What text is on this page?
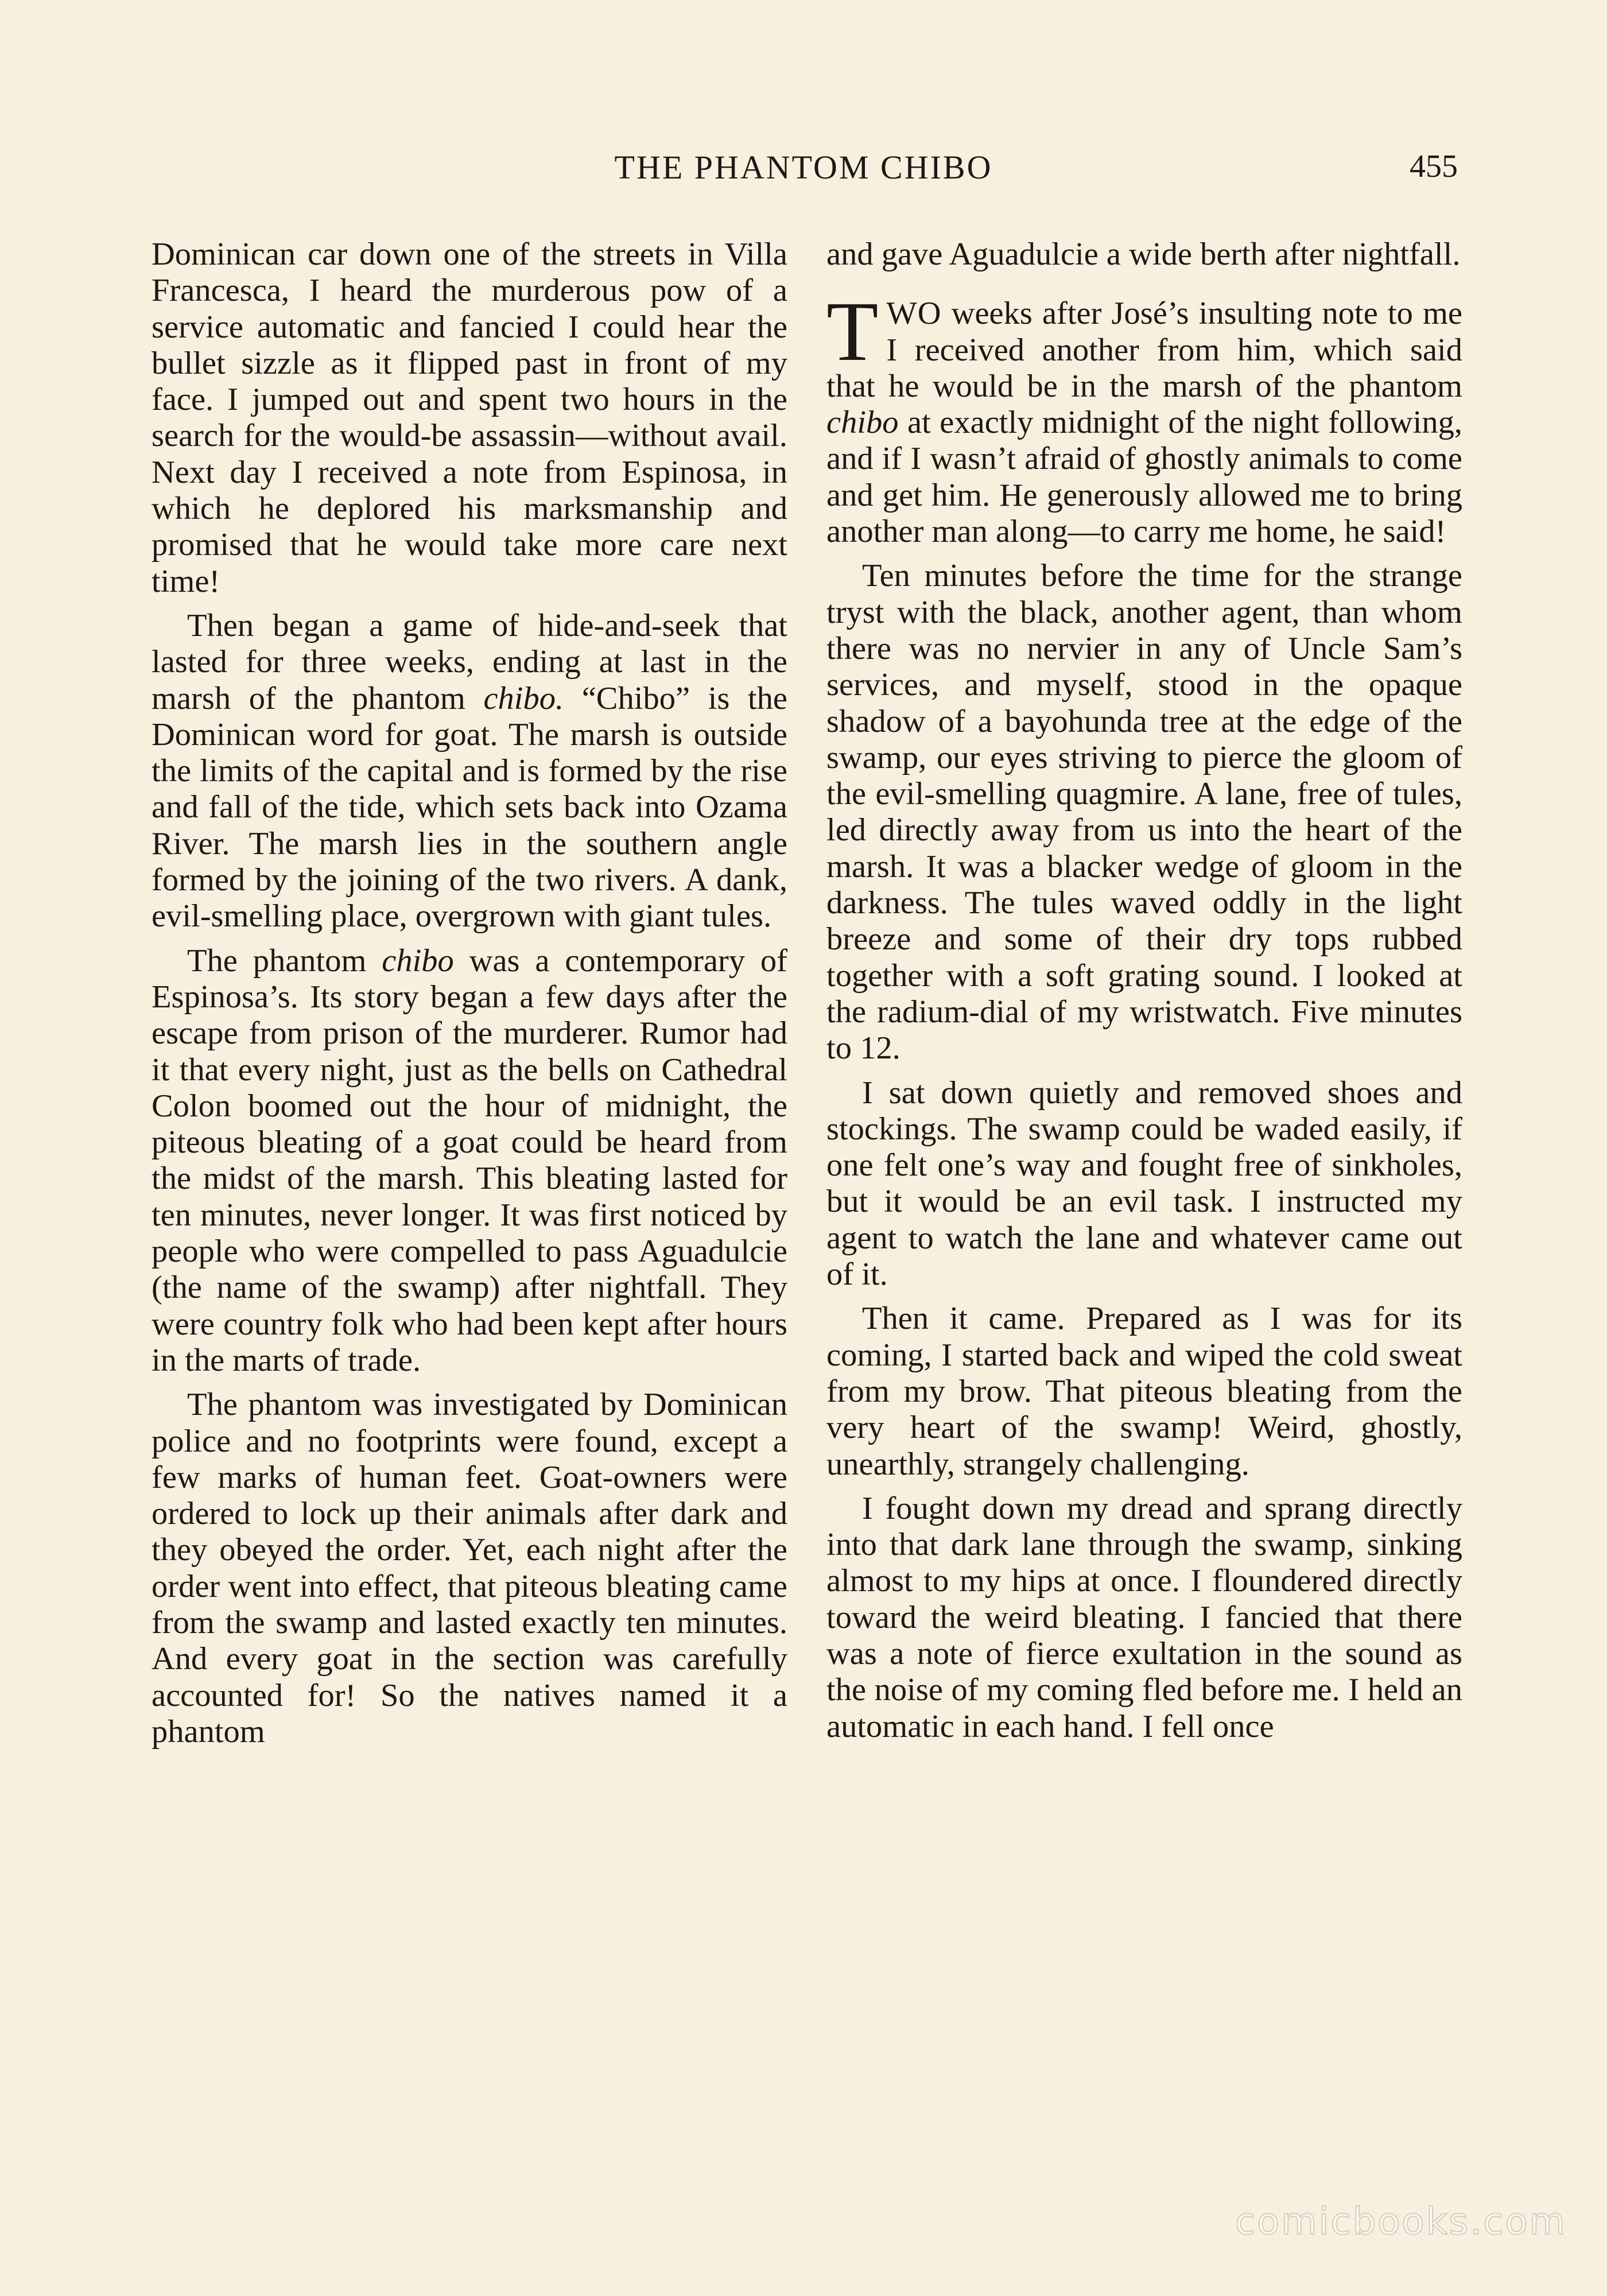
THE PHANTOM CHIBO	455

Dominican car down one of the streets in Villa Francesca, I heard the murderous pow of a service automatic and fancied I could hear the bullet sizzle as it flipped past in front of my face. I jumped out and spent two hours in the search for the would-be assassin—without avail. Next day I received a note from Espinosa, in which he deplored his marksmanship and promised that he would take more care next time!

Then began a game of hide-and-seek that lasted for three weeks, ending at last in the marsh of the phantom chibo. “Chibo” is the Dominican word for goat. The marsh is outside the limits of the capital and is formed by the rise and fall of the tide, which sets back into Ozama River. The marsh lies in the southern angle formed by the joining of the two rivers. A dank, evil-smelling place, overgrown with giant tules.

The phantom chibo was a contemporary of Espinosa’s. Its story began a few days after the escape from prison of the murderer. Rumor had it that every night, just as the bells on Cathedral Colon boomed out the hour of midnight, the piteous bleating of a goat could be heard from the midst of the marsh. This bleating lasted for ten minutes, never longer. It was first noticed by people who were compelled to pass Aguadulcie (the name of the swamp) after nightfall. They were country folk who had been kept after hours in the marts of trade.

The phantom was investigated by Dominican police and no footprints were found, except a few marks of human feet. Goat-owners were ordered to lock up their animals after dark and they obeyed the order. Yet, each night after the order went into effect, that piteous bleating came from the swamp and lasted exactly ten minutes. And every goat in the section was carefully accounted for! So the natives named it a phantom

and gave Aguadulcie a wide berth after nightfall.

TWO weeks after José’s insulting note to me I received another from him, which said that he would be in the marsh of the phantom chibo at exactly midnight of the night following, and if I wasn’t afraid of ghostly animals to come and get him. He generously allowed me to bring another man along—to carry me home, he said!

Ten minutes before the time for the strange tryst with the black, another agent, than whom there was no nervier in any of Uncle Sam’s services, and myself, stood in the opaque shadow of a bayohunda tree at the edge of the swamp, our eyes striving to pierce the gloom of the evil-smelling quagmire. A lane, free of tules, led directly away from us into the heart of the marsh. It was a blacker wedge of gloom in the darkness. The tules waved oddly in the light breeze and some of their dry tops rubbed together with a soft grating sound. I looked at the radium-dial of my wristwatch. Five minutes to 12.

I sat down quietly and removed shoes and stockings. The swamp could be waded easily, if one felt one’s way and fought free of sinkholes, but it would be an evil task. I instructed my agent to watch the lane and whatever came out of it.

Then it came. Prepared as I was for its coming, I started back and wiped the cold sweat from my brow. That piteous bleating from the very heart of the swamp! Weird, ghostly, unearthly, strangely challenging.

I fought down my dread and sprang directly into that dark lane through the swamp, sinking almost to my hips at once. I floundered directly toward the weird bleating. I fancied that there was a note of fierce exultation in the sound as the noise of my coming fled before me. I held an automatic in each hand. I fell once

comicbooks.com
